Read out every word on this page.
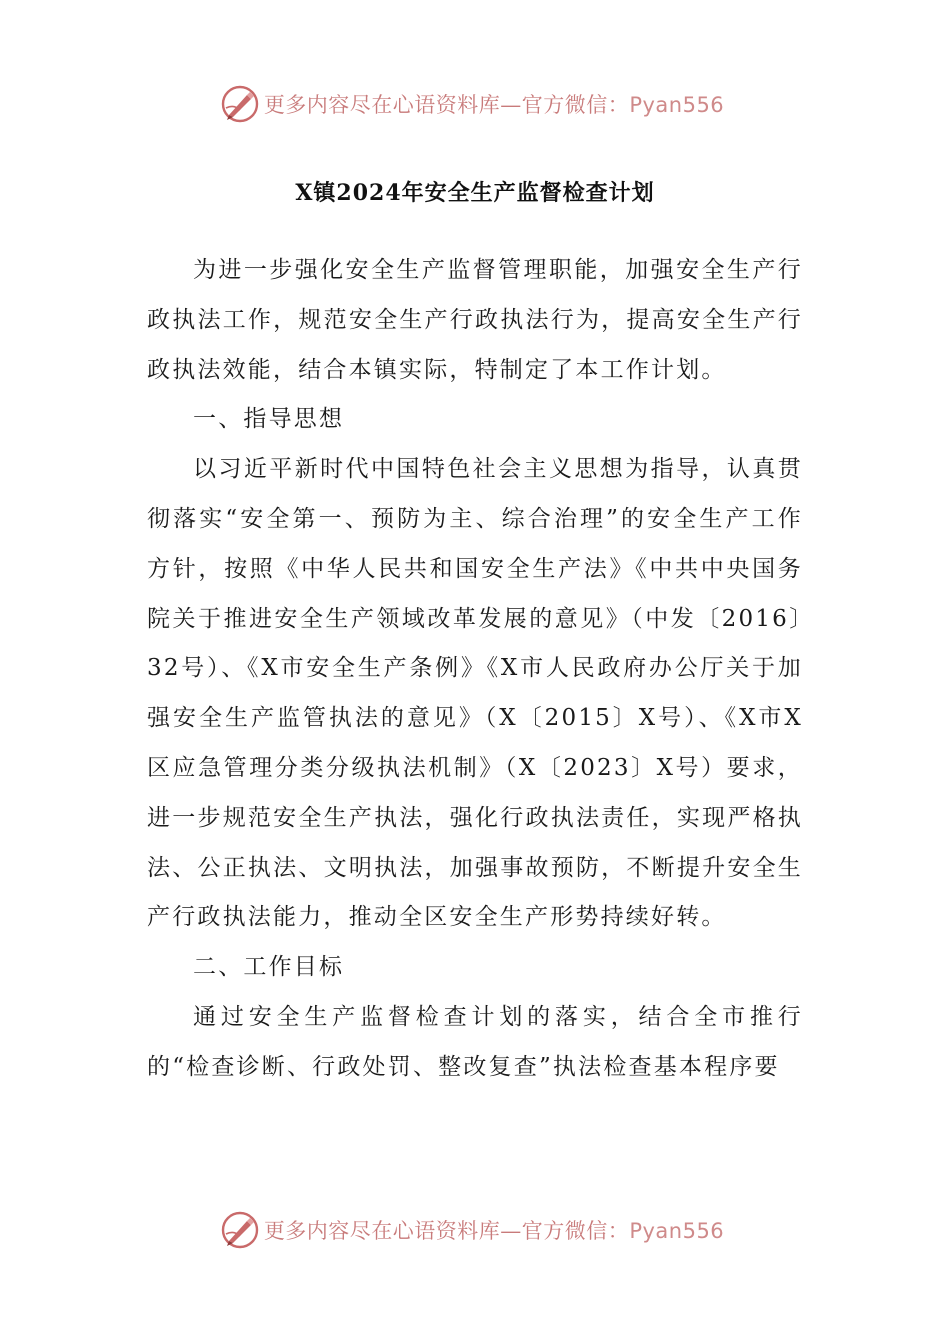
更多内容尽在心语资料库—官方微信：Pyan556
X镇2024年安全生产监督检查计划

为进一步强化安全生产监督管理职能，加强安全生产行政执法工作，规范安全生产行政执法行为，提高安全生产行政执法效能，结合本镇实际，特制定了本工作计划。

一、指导思想

以习近平新时代中国特色社会主义思想为指导，认真贯彻落实“安全第一、预防为主、综合治理”的安全生产工作方针，按照《中华人民共和国安全生产法》《中共中央国务院关于推进安全生产领域改革发展的意见》（中发〔2016〕32号）、《X市安全生产条例》《X市人民政府办公厅关于加强安全生产监管执法的意见》（X〔2015〕X号）、《X市X区应急管理分类分级执法机制》（X〔2023〕X号）要求，进一步规范安全生产执法，强化行政执法责任，实现严格执法、公正执法、文明执法，加强事故预防，不断提升安全生产行政执法能力，推动全区安全生产形势持续好转。

二、工作目标

通过安全生产监督检查计划的落实，结合全市推行的“检查诊断、行政处罚、整改复查”执法检查基本程序要

更多内容尽在心语资料库—官方微信：Pyan556
